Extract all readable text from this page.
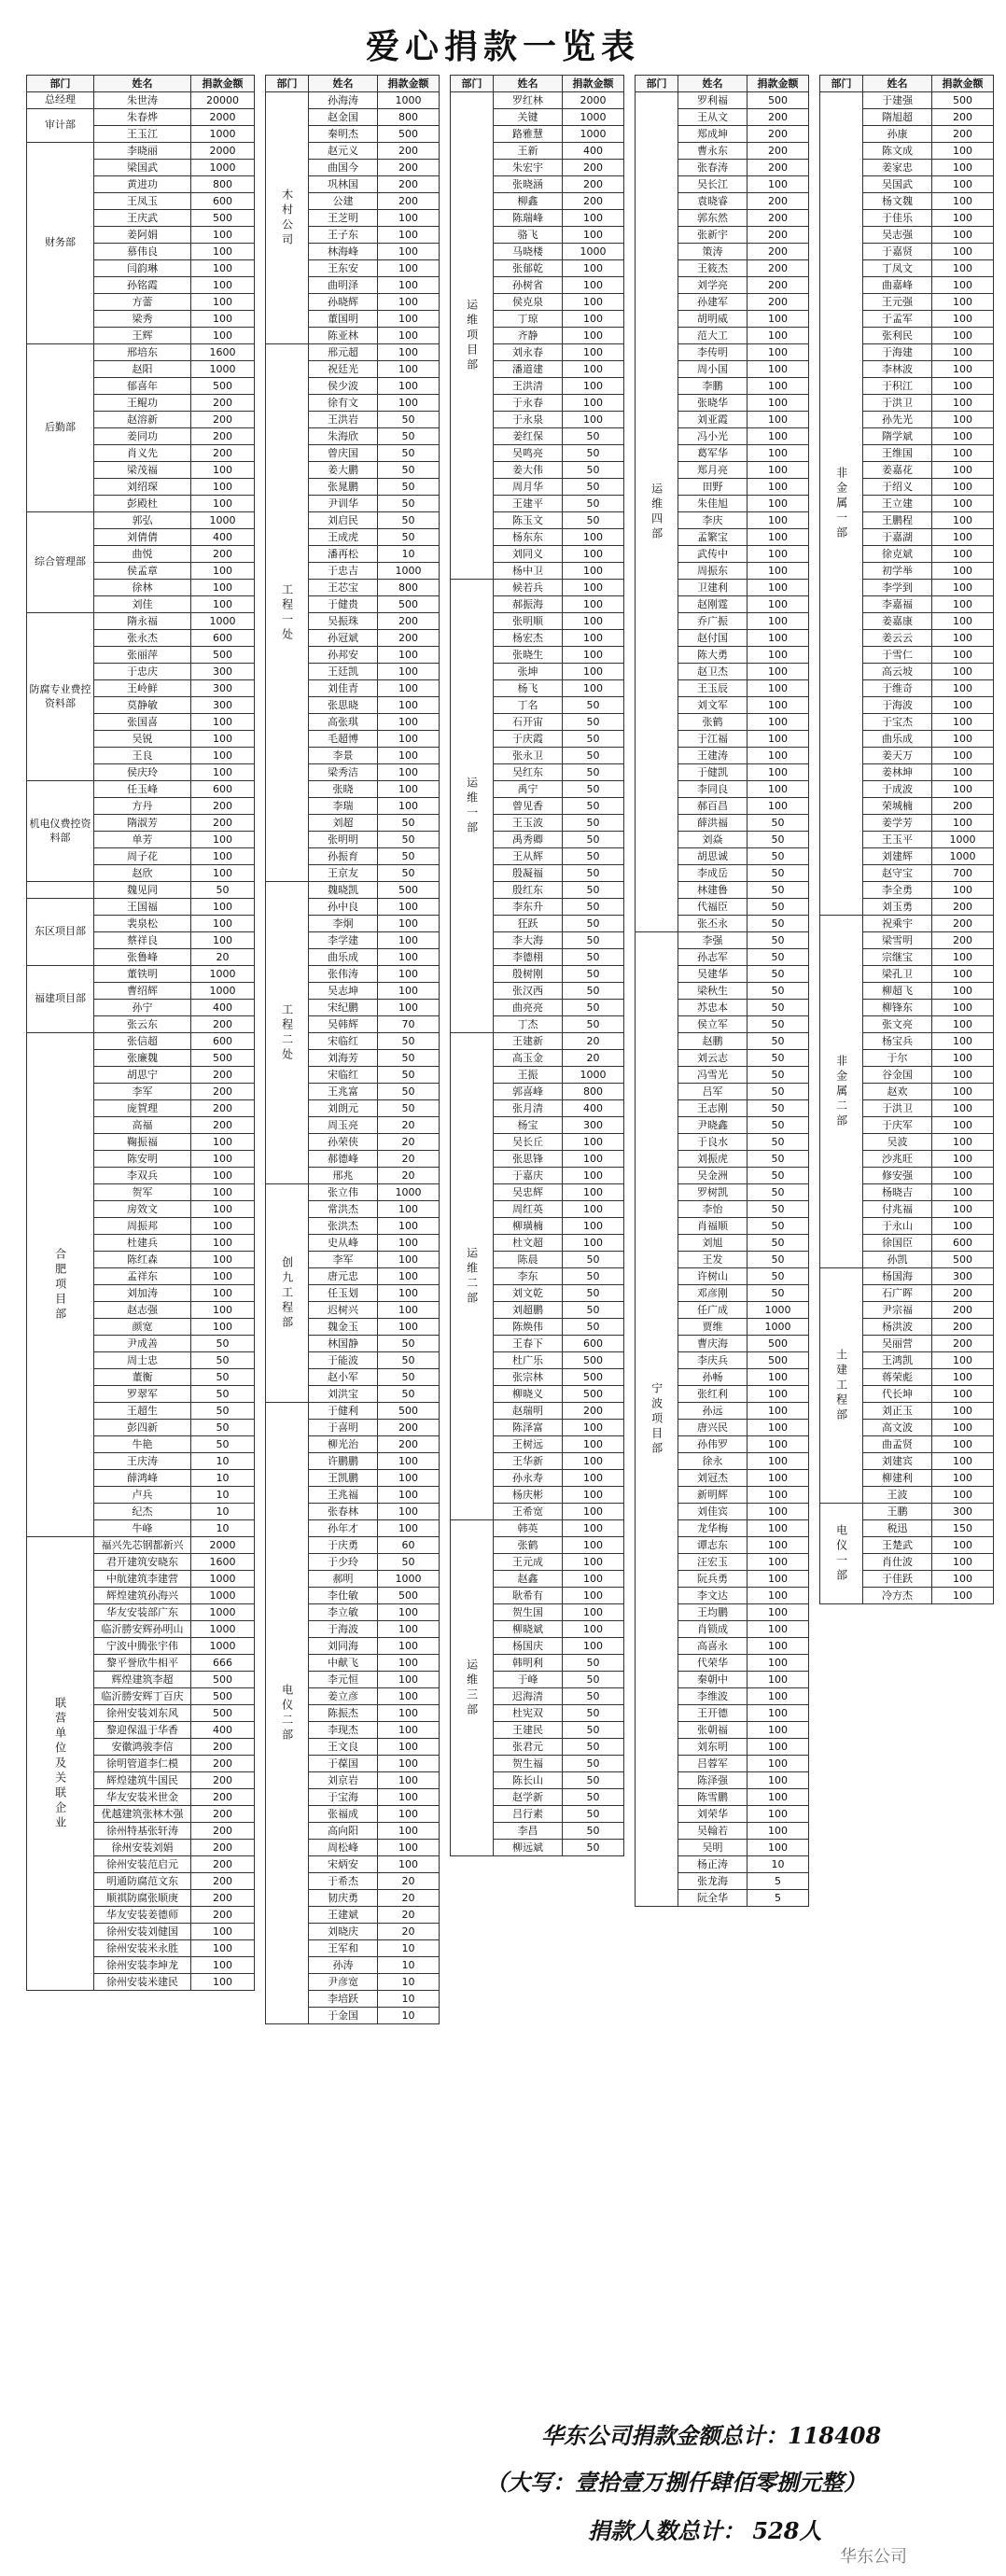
爱心捐款一览表
部门	姓名	捐款金额
总经理	朱世涛	20000
审计部	朱春烨	2000
	王玉江	1000
财务部	李晓丽	2000
	梁国武	1000
	黄进功	800
	王凤玉	600
	王庆武	500
	姜阿娟	100
	慕伟良	100
	闫韵琳	100
	孙铭霞	100
	方蕾	100
	梁秀	100
	王辉	100
后勤部	邢培东	1600
	赵阳	1000
	郁喜年	500
	王鲲功	200
	赵溶新	200
	姜同功	200
	肖义先	200
	梁茂福	100
	刘绍琛	100
	彭殿杜	100
综合管理部	郭弘	1000
	刘倩倩	400
	曲悦	200
	侯孟章	100
	徐林	100
	刘佳	100
防腐专业费控资料部	隋永福	1000
	张永杰	600
	张丽萍	500
	于忠庆	300
	王岭鲜	300
	莫静敏	300
	张国喜	100
	吴锐	100
	王良	100
	侯庆玲	100
机电仪费控资料部	任玉峰	600
	方丹	200
	隋淑芳	200
	单芳	100
	周子花	100
	赵欣	100
	魏见同	50
东区项目部	王国福	100
	裴泉松	100
	蔡祥良	100
	张鲁峰	20
福建项目部	董铁明	1000
	曹绍辉	1000
	孙宁	400
	张云东	200
合肥项目部	张信超	600
	张廉魏	500
	胡思宁	200
	李军	200
	庞賀理	200
	高福	200
	鞠振福	100
	陈安明	100
	李双兵	100
	贺军	100
	房效文	100
	周振邦	100
	杜建兵	100
	陈红森	100
	孟祥东	100
	刘加涛	100
	赵志强	100
	颜宽	100
	尹成善	50
	周士忠	50
	董衡	50
	罗翠军	50
	王超生	50
	彭四新	50
	牛艳	50
	王庆涛	10
	薛鸿峰	10
	卢兵	10
	纪杰	10
	牛峰	10
联营单位及关联企业	福兴先芯钢都新兴	2000
	君开建筑安晓东	1600
	中航建筑李建营	1000
	辉煌建筑孙海兴	1000
	华友安装部广东	1000
	临沂勝安辉孙明山	1000
	宁波中腾张宇伟	1000
	黎平誉欣牛相平	666
	辉煌建筑李超	500
	临沂勝安辉丁百庆	500
	徐州安装刘东风	500
	黎迎保温于华香	400
	安徽鸿骏李信	200
	徐明管道李仁模	200
	辉煌建筑牛国民	200
	华友安装米世金	200
	优越建筑张林木强	200
	徐州特基张轩涛	200
	徐州安装刘娟	200
	徐州安装范启元	200
	明通防腐范文东	200
	顺祺防腐张顺庚	200
	华友安装姜德师	200
	徐州安装刘健国	100
	徐州安装米永胜	100
	徐州安装李坤龙	100
	徐州安装米建民	100
部门	姓名	捐款金额
木村公司	孙海涛	1000
	赵金国	800
	秦明杰	500
	赵元义	200
	曲国今	200
	巩林国	200
	公建	200
	王芝明	100
	王子东	100
	林海峰	100
	王东安	100
	曲明泽	100
	孙晓辉	100
	董国明	100
	陈亚林	100
工程一处	邢元超	100
	祝廷光	100
	侯少波	100
	徐有文	100
	王洪岩	50
	朱海欣	50
	曾庆国	50
	姜大鹏	50
	张晁鹏	50
	尹训华	50
	刘启民	50
	王成虎	50
	潘再松	10
	于忠吉	1000
	王芯宝	800
	于健贵	500
	吴振珠	200
	孙冠斌	200
	孙邦安	100
	王廷凯	100
	刘佳青	100
	张思晓	100
	高张琪	100
	毛超博	100
	李景	100
	梁秀洁	100
	张晓	100
	李瑞	100
	刘超	50
	张明明	50
	孙振育	50
	王京友	50
工程二处	魏晓凯	500
	孙中良	100
	李炯	100
	李学建	100
	曲乐成	100
	张伟涛	100
	吴志坤	100
	宋纪鹏	100
	吴韩辉	70
	宋临红	50
	刘海芳	50
	宋临红	50
	王兆富	50
	刘朗元	50
	周玉亮	20
	孙荣侠	20
	郝德峰	20
	邢兆	20
创九工程部	张立伟	1000
	常洪杰	100
	张洪杰	100
	史从峰	100
	李军	100
	唐元忠	100
	任玉划	100
	迟树兴	100
	魏金玉	100
	林国静	50
	于能波	50
	赵小军	50
	刘洪宝	50
电仪二部	于健利	500
	于喜明	200
	柳光治	200
	许鹏鹏	100
	王凯鹏	100
	王兆福	100
	张春林	100
	孙年才	100
	于庆勇	60
	于少玲	50
	郝明	1000
	李仕敏	500
	李立敏	100
	于海波	100
	刘同海	100
	中献飞	100
	李元恒	100
	姜立彦	100
	陈振杰	100
	李现杰	100
	王文良	100
	于葆国	100
	刘京岩	100
	于宝海	100
	张福成	100
	高向阳	100
	周松峰	100
	宋炳安	100
	于希杰	20
	韧庆勇	20
	王建斌	20
	刘晓庆	20
	王军和	10
	孙涛	10
	尹彦宽	10
	李培跃	10
	于金国	10
部门	姓名	捐款金额
运维项目部	罗红林	2000
	关键	1000
	路雅慧	1000
	王新	400
	朱宏宇	200
	张晓涵	200
	柳鑫	200
	陈瑞峰	100
	骆飞	100
	马晓楼	1000
	张郁乾	100
	孙树省	100
	侯克泉	100
	丁琼	100
	齐静	100
	刘永春	100
	潘道建	100
	王洪清	100
	于永春	100
	于永泉	100
	姜红保	50
	吴鸣亮	50
	姜大伟	50
	周月华	50
	王建平	50
	陈玉文	50
	杨东东	100
	刘同义	100
	杨中卫	100
运维一部	候若兵	100
	郝振海	100
	张明顺	100
	杨宏杰	100
	张晓生	100
	张坤	100
	杨飞	100
	丁名	50
	石开宙	50
	于庆霞	50
	张永卫	50
	吴红东	50
	禹宁	50
	曾见香	50
	王玉波	50
	禹秀卿	50
	王从辉	50
	殷凝福	50
	殷红东	50
	李东升	50
	狂跃	50
	李大海	50
	李德栩	50
	殷树刚	50
	张汉西	50
	曲亮亮	50
	丁杰	50
运维二部	王建新	20
	高玉金	20
	王振	1000
	郭喜峰	800
	张月清	400
	杨宝	300
	吴长丘	100
	张思锋	100
	于嘉庆	100
	吴忠辉	100
	周红英	100
	柳璜楠	100
	杜文超	100
	陈晨	50
	李东	50
	刘文乾	50
	刘超鹏	50
	陈焕伟	50
	王春下	600
	杜广乐	500
	张宗林	500
	柳晓义	500
	赵瑞明	200
	陈泽富	100
	王树远	100
	王华新	100
	孙永寿	100
	杨庆彬	100
	王希宽	100
运维三部	韩英	100
	张鹤	100
	王元成	100
	赵鑫	100
	耿希有	100
	贺生国	100
	柳晓斌	100
	杨国庆	100
	韩明利	50
	于峰	50
	迟海清	50
	杜宪双	50
	王建民	50
	张君元	50
	贺生福	50
	陈长山	50
	赵学新	50
	吕行素	50
	李昌	50
	柳远斌	50
部门	姓名	捐款金额
运维四部	罗利福	500
	王从文	200
	郑成坤	200
	曹永东	200
	张春涛	200
	吴长江	100
	袁晓睿	200
	郭东然	200
	张新宇	200
	策涛	200
	王筱杰	200
	刘学亮	200
	孙建军	200
	胡明威	100
	范大工	100
	李传明	100
	周小国	100
	李鹏	100
	张晓华	100
	刘亚霞	100
	冯小光	100
	葛军华	100
	郑月亮	100
	田野	100
	朱佳旭	100
	李庆	100
	孟繁宝	100
	武传中	100
	周振东	100
	卫建利	100
	赵刚霆	100
	乔广振	100
	赵付国	100
	陈大勇	100
	赵卫杰	100
	王玉辰	100
	刘文军	100
	张鹤	100
	于江福	100
	王建涛	100
	于健凯	100
	李同良	100
	郝百昌	100
	薛洪福	50
	刘焱	50
	胡思诚	50
	李成岳	50
	林建鲁	50
	代福臣	50
	张丕永	50
宁波项目部	李强	50
	孙志军	50
	吴建华	50
	梁秋生	50
	苏忠本	50
	侯立军	50
	赵鹏	50
	刘云志	50
	冯雪光	50
	吕军	50
	王志刚	50
	尹晓鑫	50
	于良水	50
	刘振虎	50
	吴金洲	50
	罗树凯	50
	李怡	50
	肖福顺	50
	刘旭	50
	王发	50
	许树山	50
	邓彦刚	50
	任广成	1000
	贾维	1000
	曹庆海	500
	李庆兵	500
	孙畅	100
	张红利	100
	孙远	100
	唐兴民	100
	孙伟罗	100
	徐永	100
	刘冠杰	100
	新明辉	100
	刘佳宾	100
	龙华梅	100
	谭志东	100
	汪宏玉	100
	阮兵勇	100
	李文达	100
	王均鹏	100
	肖锁成	100
	高喜永	100
	代荣华	100
	秦朝中	100
	李维波	100
	王开德	100
	张朝福	100
	刘东明	100
	吕蓉军	100
	陈泽强	100
	陈雪鹏	100
	刘荣华	100
	吴翰若	100
	吴明	100
	杨正涛	10
	张龙海	5
	阮全华	5
部门	姓名	捐款金额
非金属一部	于建强	500
	隋旭超	200
	孙康	200
	陈文成	100
	姜家忠	100
	吴国武	100
	杨文魏	100
	于佳乐	100
	吴志强	100
	于嘉贤	100
	丁凤文	100
	曲嘉峰	100
	王元强	100
	于孟军	100
	张利民	100
	于海建	100
	李林波	100
	于积江	100
	于洪卫	100
	孙先光	100
	隋学斌	100
	王维国	100
	姜嘉花	100
	于绍义	100
	王立建	100
	王鹏程	100
	于嘉湖	100
	徐克斌	100
	初学举	100
	李学到	100
	李嘉福	100
	姜嘉康	100
	姜云云	100
	于雪仁	100
	高云坡	100
	于维奇	100
	于海波	100
	于宝杰	100
	曲乐成	100
	姜天万	100
	姜林坤	100
	于成波	100
	荣城楠	200
	姜学芳	100
	王玉平	1000
	刘建辉	1000
	赵守宝	700
	李全勇	100
	刘玉勇	200
非金属二部	祝乘宇	200
	梁雪明	200
	宗继宝	100
	梁孔卫	100
	柳超飞	100
	柳锋东	100
	张文亮	100
	杨宝兵	100
	于尔	100
	谷金国	100
	赵欢	100
	于洪卫	100
	于庆军	100
	吴波	100
	沙兆旺	100
	修安强	100
	杨晓吉	100
	付兆福	100
	于永山	100
	徐国臣	600
	孙凯	500
土建工程部	杨国海	300
	石广晖	200
	尹宗福	200
	杨洪波	200
	吴丽营	200
	王鸿凯	100
	蒋荣彪	100
	代长坤	100
	刘正玉	100
	高文波	100
	曲孟贤	100
	刘建宾	100
	柳建利	100
	王波	100
电仪一部	王鹏	300
	税迅	150
	王楚武	100
	肖仕波	100
	于佳跃	100
	冷方杰	100
华东公司捐款金额总计：118408
（大写：壹拾壹万捌仟肆佰零捌元整）
捐款人数总计： 528人
华东公司
